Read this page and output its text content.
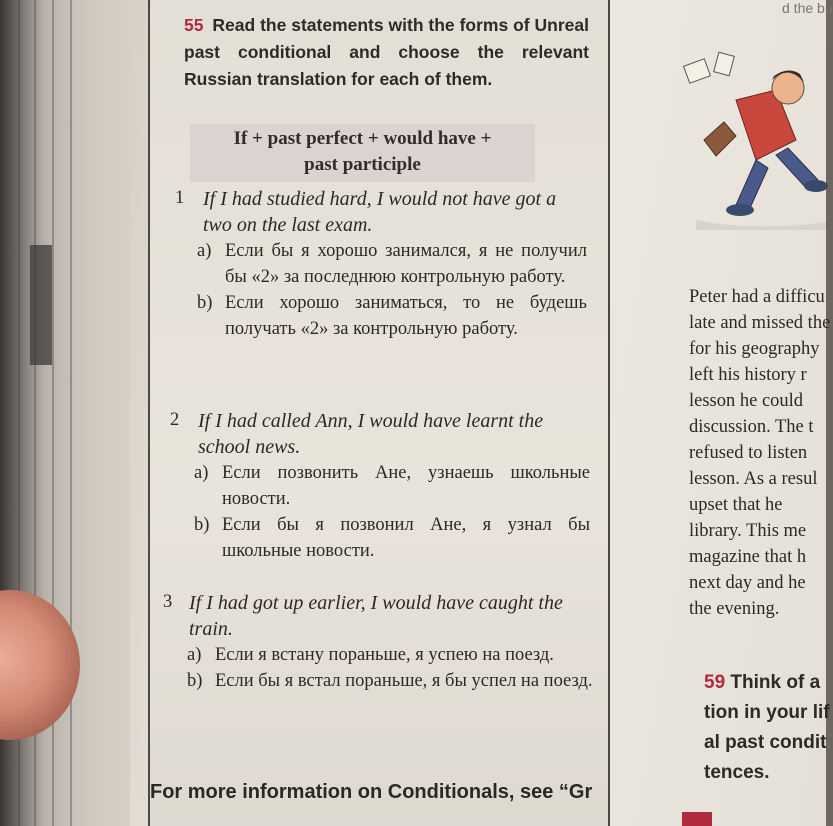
55 Read the statements with the forms of Unreal past conditional and choose the relevant Russian translation for each of them.

If + past perfect + would have +
past participle
1 If I had studied hard, I would not have got a two on the last exam.

a) Если бы я хорошо занимался, я не получил бы «2» за последнюю контрольную работу.
b) Если хорошо заниматься, то не будешь получать «2» за контрольную работу.
2 If I had called Ann, I would have learnt the school news.

a) Если позвонить Ане, узнаешь школьные новости.
b) Если бы я позвонил Ане, я узнал бы школьные новости.
3 If I had got up earlier, I would have caught the train.

a) Если я встану пораньше, я успею на поезд.
b) Если бы я встал пораньше, я бы успел на поезд.

For more information on Conditionals, see “Gr

d the bu
Peter had a difficu
late and missed the
for his geography
left his history r
lesson he could
discussion. The t
refused to listen
lesson. As a resul
upset that he
library. This me
magazine that h
next day and he
the evening.
59 Think of a
tion in your lif
al past condit
tences.
